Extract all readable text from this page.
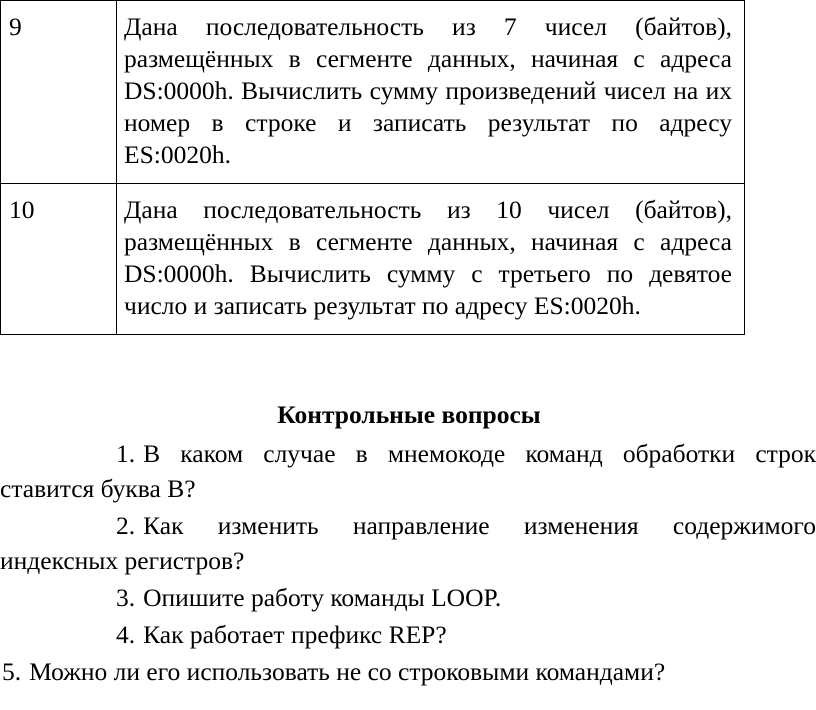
9	Дана последовательность из 7 чисел (байтов), размещённых в сегменте данных, начиная с адреса DS:0000h. Вычислить сумму произведений чисел на их номер в строке и записать результат по адресу ES:0020h.
10	Дана последовательность из 10 чисел (байтов), размещённых в сегменте данных, начиная с адреса DS:0000h. Вычислить сумму с третьего по девятое число и записать результат по адресу ES:0020h.
Контрольные вопросы

1. В каком случае в мнемокоде команд обработки строк ставится буква B?

2. Как изменить направление изменения содержимого индексных регистров?

3. Опишите работу команды LOOP.

4. Как работает префикс REP?

5. Можно ли его использовать не со строковыми командами?
